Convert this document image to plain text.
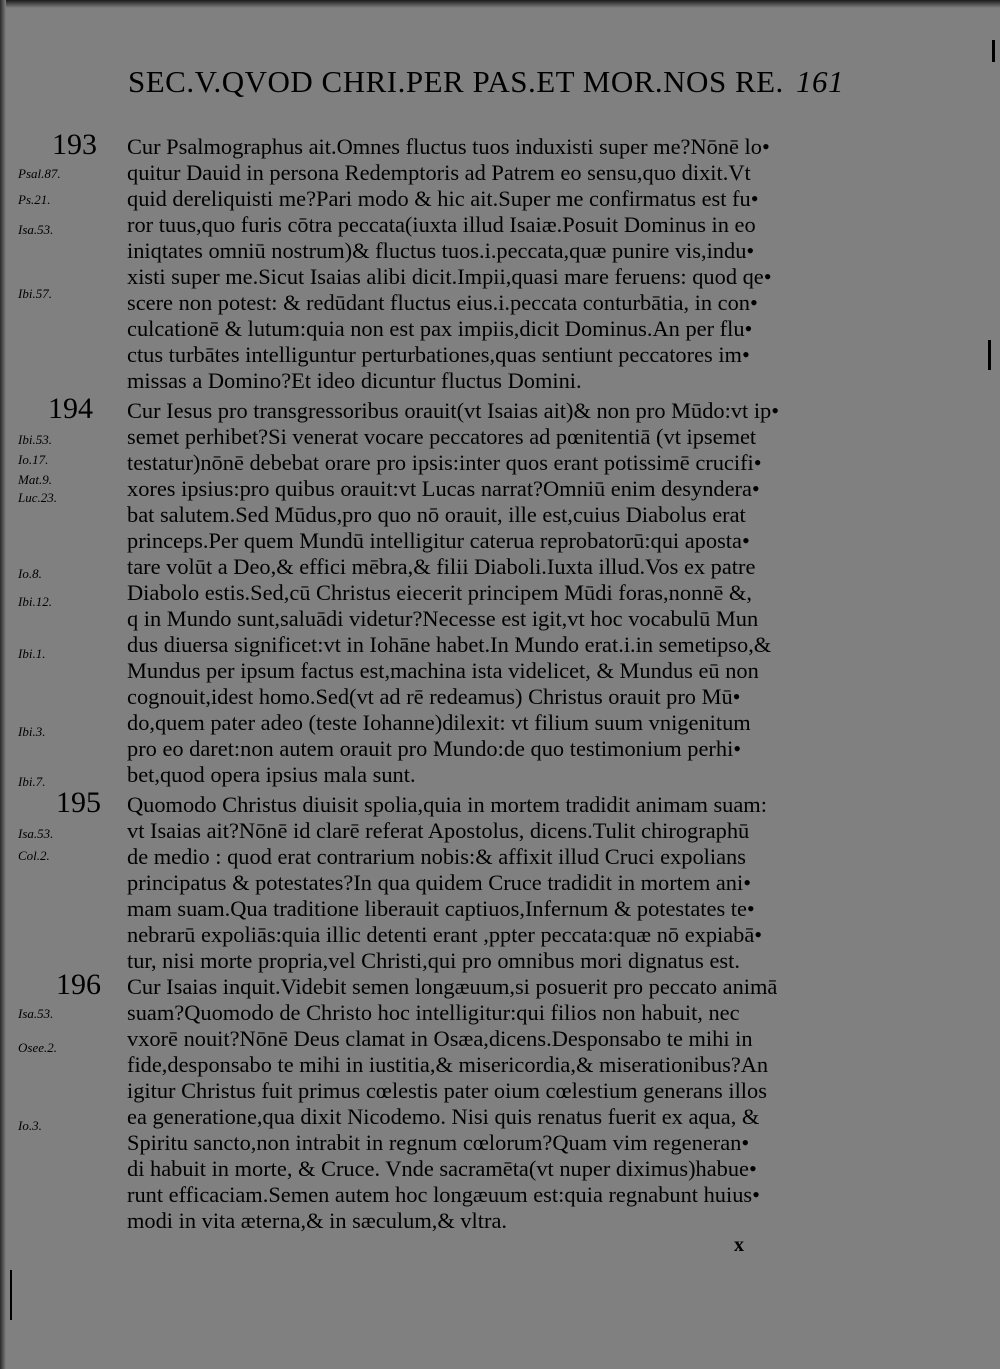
SEC.V.QVOD CHRI.PER PAS.ET MOR.NOS RE. 161
193
Psal.87.
Ps.21.
Isa.53.
Ibi.57.
Cur Psalmographus ait.Omnes fluctus tuos induxisti super me?Nōnē lo•
quitur Dauid in persona Redemptoris ad Patrem eo sensu,quo dixit.Vt
quid dereliquisti me?Pari modo & hic ait.Super me confirmatus est fu•
ror tuus,quo furis cōtra peccata(iuxta illud Isaiæ.Posuit Dominus in eo
iniqtates omniū nostrum)& fluctus tuos.i.peccata,quæ punire vis,indu•
xisti super me.Sicut Isaias alibi dicit.Impii,quasi mare feruens: quod qe•
scere non potest: & redūdant fluctus eius.i.peccata conturbātia, in con•
culcationē & lutum:quia non est pax impiis,dicit Dominus.An per flu•
ctus turbātes intelliguntur perturbationes,quas sentiunt peccatores im•
missas a Domino?Et ideo dicuntur fluctus Domini.
194
Ibi.53.
Io.17.
Mat.9.
Luc.23.
Io.8.
Ibi.12.
Ibi.1.
Ibi.3.
Ibi.7.
Cur Iesus pro transgressoribus orauit(vt Isaias ait)& non pro Mūdo:vt ip•
semet perhibet?Si venerat vocare peccatores ad pœnitentiā (vt ipsemet
testatur)nōnē debebat orare pro ipsis:inter quos erant potissimē crucifi•
xores ipsius:pro quibus orauit:vt Lucas narrat?Omniū enim desyndera•
bat salutem.Sed Mūdus,pro quo nō orauit, ille est,cuius Diabolus erat
princeps.Per quem Mundū intelligitur caterua reprobatorū:qui aposta•
tare volūt a Deo,& effici mēbra,& filii Diaboli.Iuxta illud.Vos ex patre
Diabolo estis.Sed,cū Christus eiecerit principem Mūdi foras,nonnē &,
q in Mundo sunt,saluādi videtur?Necesse est igit,vt hoc vocabulū Mun
dus diuersa significet:vt in Iohāne habet.In Mundo erat.i.in semetipso,&
Mundus per ipsum factus est,machina ista videlicet, & Mundus eū non
cognouit,idest homo.Sed(vt ad rē redeamus) Christus orauit pro Mū•
do,quem pater adeo (teste Iohanne)dilexit: vt filium suum vnigenitum
pro eo daret:non autem orauit pro Mundo:de quo testimonium perhi•
bet,quod opera ipsius mala sunt.
195
Isa.53.
Col.2.
Quomodo Christus diuisit spolia,quia in mortem tradidit animam suam:
vt Isaias ait?Nōnē id clarē referat Apostolus, dicens.Tulit chirographū
de medio : quod erat contrarium nobis:& affixit illud Cruci expolians
principatus & potestates?In qua quidem Cruce tradidit in mortem ani•
mam suam.Qua traditione liberauit captiuos,Infernum & potestates te•
nebrarū expoliās:quia illic detenti erant ,ppter peccata:quæ nō expiabā•
tur, nisi morte propria,vel Christi,qui pro omnibus mori dignatus est.
196
Isa.53.
Osee.2.
Io.3.
Cur Isaias inquit.Videbit semen longæuum,si posuerit pro peccato animā
suam?Quomodo de Christo hoc intelligitur:qui filios non habuit, nec
vxorē nouit?Nōnē Deus clamat in Osæa,dicens.Desponsabo te mihi in
fide,desponsabo te mihi in iustitia,& misericordia,& miserationibus?An
igitur Christus fuit primus cœlestis pater oium cœlestium generans illos
ea generatione,qua dixit Nicodemo. Nisi quis renatus fuerit ex aqua, &
Spiritu sancto,non intrabit in regnum cœlorum?Quam vim regeneran•
di habuit in morte, & Cruce. Vnde sacramēta(vt nuper diximus)habue•
runt efficaciam.Semen autem hoc longæuum est:quia regnabunt huius•
modi in vita æterna,& in sæculum,& vltra.
x
